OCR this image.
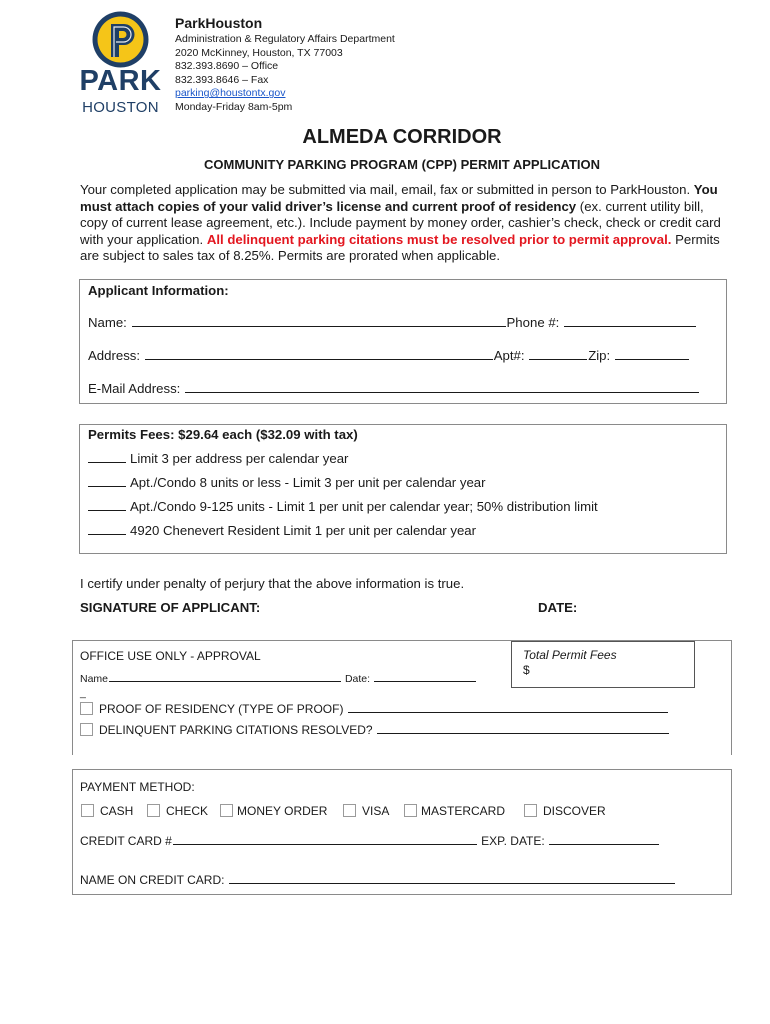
PARK
HOUSTON
ParkHouston
Administration & Regulatory Affairs Department
2020 McKinney, Houston, TX 77003
832.393.8690 – Office
832.393.8646 – Fax
parking@houstontx.gov
Monday-Friday 8am-5pm
ALMEDA CORRIDOR
COMMUNITY PARKING PROGRAM (CPP) PERMIT APPLICATION
Your completed application may be submitted via mail, email, fax or submitted in person to ParkHouston. You must attach copies of your valid driver’s license and current proof of residency (ex. current utility bill, copy of current lease agreement, etc.). Include payment by money order, cashier’s check, check or credit card with your application. All delinquent parking citations must be resolved prior to permit approval. Permits are subject to sales tax of 8.25%. Permits are prorated when applicable.
Applicant Information:
Name:	Phone #:
Address:	Apt#:	Zip:
E-Mail Address:
Permits Fees: $29.64 each ($32.09 with tax)
Limit 3 per address per calendar year
Apt./Condo 8 units or less - Limit 3 per unit per calendar year
Apt./Condo 9-125 units - Limit 1 per unit per calendar year; 50% distribution limit
4920 Chenevert Resident Limit 1 per unit per calendar year
I certify under penalty of perjury that the above information is true.
SIGNATURE OF APPLICANT:	DATE:
OFFICE USE ONLY - APPROVAL
Name	Date:
_
PROOF OF RESIDENCY (TYPE OF PROOF)
DELINQUENT PARKING CITATIONS RESOLVED?
Total Permit Fees
$
PAYMENT METHOD:
CASH	CHECK	MONEY ORDER	VISA	MASTERCARD	DISCOVER
CREDIT CARD #	EXP. DATE:
NAME ON CREDIT CARD:
